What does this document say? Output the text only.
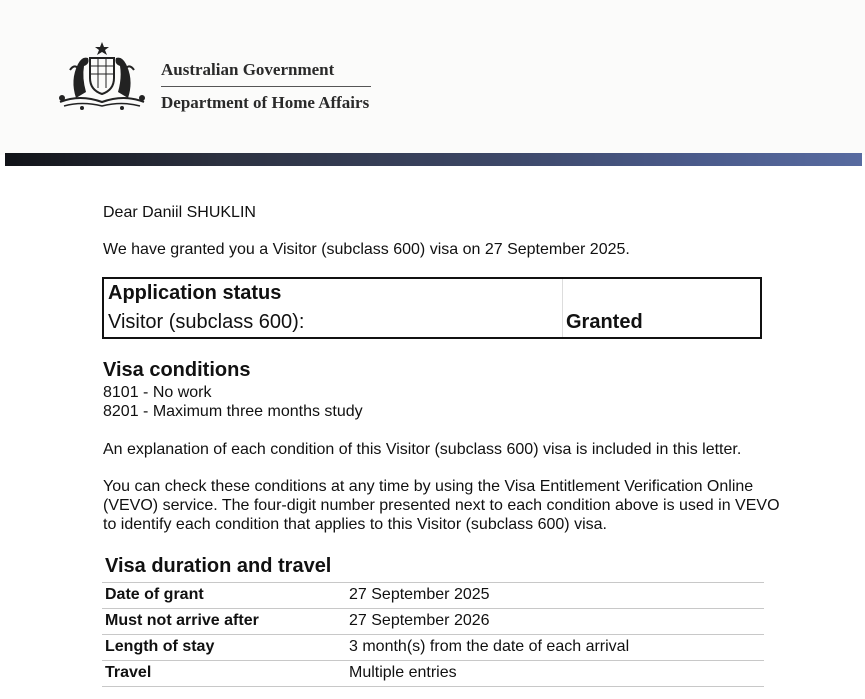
Australian Government
Department of Home Affairs
Dear Daniil SHUKLIN
We have granted you a Visitor (subclass 600) visa on 27 September 2025.
Application status
Visitor (subclass 600):	Granted
Visa conditions
8101 - No work
8201 - Maximum three months study
An explanation of each condition of this Visitor (subclass 600) visa is included in this letter.
You can check these conditions at any time by using the Visa Entitlement Verification Online (VEVO) service. The four-digit number presented next to each condition above is used in VEVO to identify each condition that applies to this Visitor (subclass 600) visa.
Visa duration and travel
Date of grant	27 September 2025
Must not arrive after	27 September 2026
Length of stay	3 month(s) from the date of each arrival
Travel	Multiple entries
